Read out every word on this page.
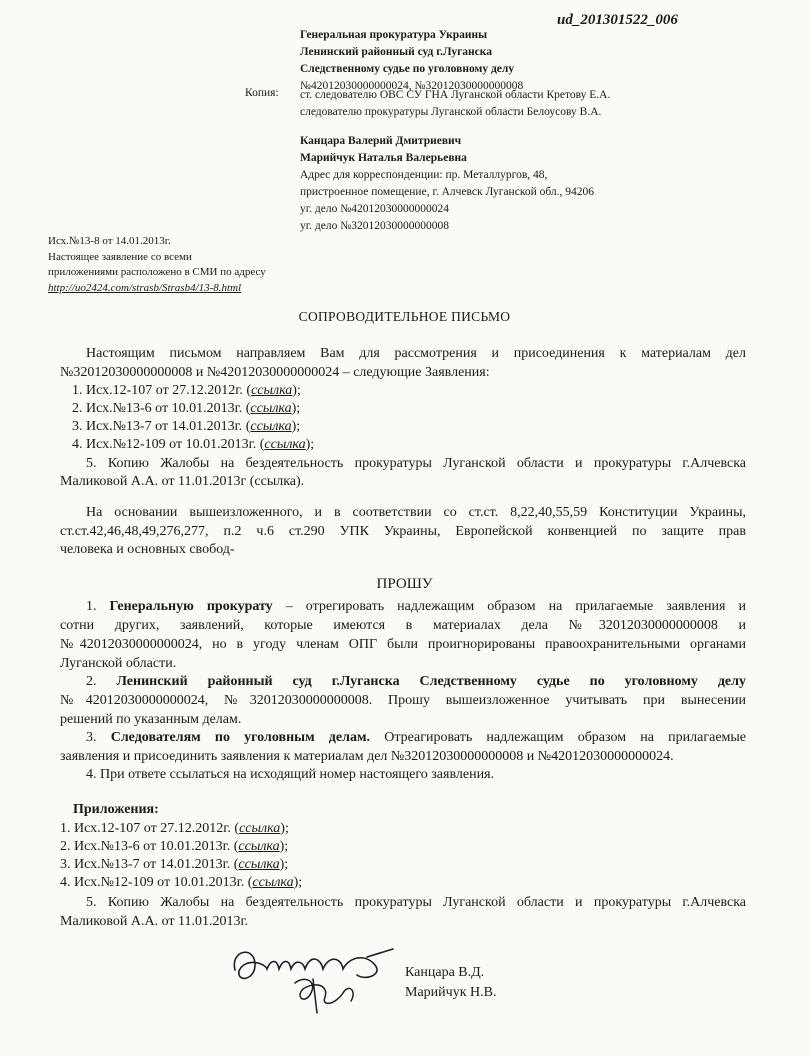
ud_201301522_006
Генеральная прокуратура Украины
Ленинский районный суд г.Луганска
Следственному судье по уголовному делу
№42012030000000024, №32012030000000008
Копия: ст. следователю ОВС СУ ГНА Луганской области Кретову Е.А.
следователю прокуратуры Луганской области Белоусову В.А.
Канцара Валерий Дмитриевич
Марийчук Наталья Валерьевна
Адрес для корреспонденции: пр. Металлургов, 48,
пристроенное помещение, г. Алчевск Луганской обл., 94206
уг. дело №42012030000000024
уг. дело №32012030000000008
Исх.№13-8 от 14.01.2013г.
Настоящее заявление со всеми
приложениями расположено в СМИ по адресу
http://uo2424.com/strasb/Strasb4/13-8.html
СОПРОВОДИТЕЛЬНОЕ ПИСЬМО
Настоящим письмом направляем Вам для рассмотрения и присоединения к материалам дел
№32012030000000008 и №42012030000000024 – следующие Заявления:
1. Исх.12-107 от 27.12.2012г. (ссылка);
2. Исх.№13-6 от 10.01.2013г. (ссылка);
3. Исх.№13-7 от 14.01.2013г. (ссылка);
4. Исх.№12-109 от 10.01.2013г. (ссылка);
5. Копию Жалобы на бездеятельность прокуратуры Луганской области и прокуратуры г.Алчевска
Маликовой А.А. от 11.01.2013г (ссылка).
На основании вышеизложенного, и в соответствии со ст.ст. 8,22,40,55,59 Конституции Украины,
ст.ст.42,46,48,49,276,277, п.2 ч.6 ст.290 УПК Украины, Европейской конвенцией по защите прав
человека и основных свобод-
ПРОШУ
1. Генеральную прокурату – отрегировать надлежащим образом на прилагаемые заявления и
сотни других, заявлений, которые имеются в материалах дела №32012030000000008 и
№42012030000000024, но в угоду членам ОПГ были проигнорированы правоохранительными органами
Луганской области.
2. Ленинский районный суд г.Луганска Следственному судье по уголовному делу
№42012030000000024, №32012030000000008. Прошу вышеизложенное учитывать при вынесении
решений по указанным делам.
3. Следователям по уголовным делам. Отреагировать надлежащим образом на прилагаемые
заявления и присоединить заявления к материалам дел №32012030000000008 и №42012030000000024.
4. При ответе ссылаться на исходящий номер настоящего заявления.
Приложения:
1. Исх.12-107 от 27.12.2012г. (ссылка);
2. Исх.№13-6 от 10.01.2013г. (ссылка);
3. Исх.№13-7 от 14.01.2013г. (ссылка);
4. Исх.№12-109 от 10.01.2013г. (ссылка);
5. Копию Жалобы на бездеятельность прокуратуры Луганской области и прокуратуры г.Алчевска
Маликовой А.А. от 11.01.2013г.
Канцара В.Д.
Марийчук Н.В.
